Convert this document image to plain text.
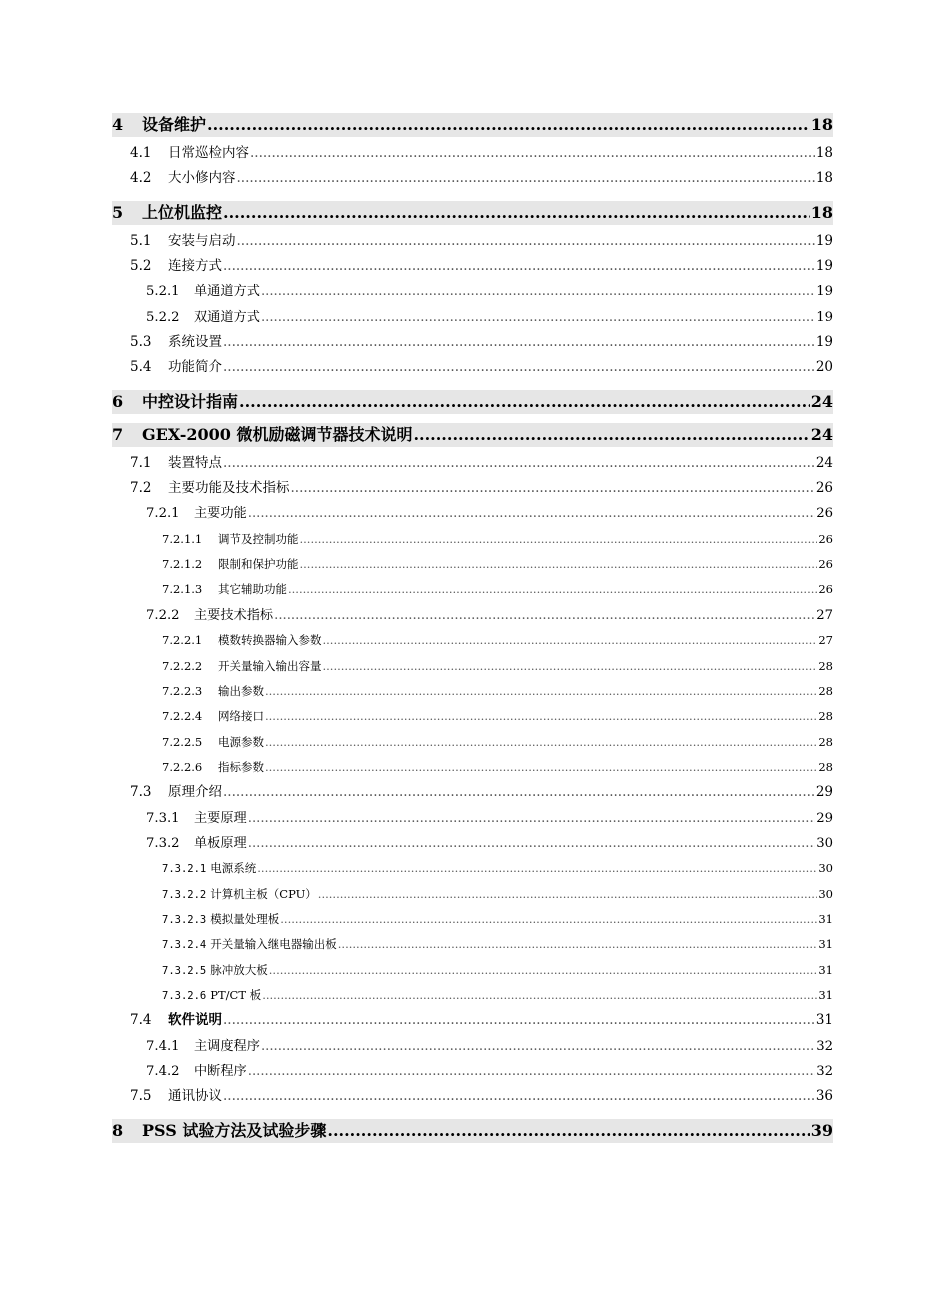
4	设备维护 .....	18
4.1	日常巡检内容 .....	18
4.2	大小修内容 .....	18
5	上位机监控 .....	18
5.1	安装与启动 .....	19
5.2	连接方式 .....	19
5.2.1	单通道方式 .....	19
5.2.2	双通道方式 .....	19
5.3	系统设置 .....	19
5.4	功能简介 .....	20
6	中控设计指南 .....	24
7	GEX-2000 微机励磁调节器技术说明 .....	24
7.1	装置特点 .....	24
7.2	主要功能及技术指标 .....	26
7.2.1	主要功能 .....	26
7.2.1.1	调节及控制功能 .....	26
7.2.1.2	限制和保护功能 .....	26
7.2.1.3	其它辅助功能 .....	26
7.2.2	主要技术指标 .....	27
7.2.2.1	模数转换器输入参数 .....	27
7.2.2.2	开关量输入输出容量 .....	28
7.2.2.3	输出参数 .....	28
7.2.2.4	网络接口 .....	28
7.2.2.5	电源参数 .....	28
7.2.2.6	指标参数 .....	28
7.3	原理介绍 .....	29
7.3.1	主要原理 .....	29
7.3.2	单板原理 .....	30
7.3.2.1 电源系统 .....	30
7.3.2.2 计算机主板（CPU） .....	30
7.3.2.3 模拟量处理板 .....	31
7.3.2.4 开关量输入继电器输出板 .....	31
7.3.2.5 脉冲放大板 .....	31
7.3.2.6 PT/CT 板 .....	31
7.4	软件说明 .....	31
7.4.1	主调度程序 .....	32
7.4.2	中断程序 .....	32
7.5	通讯协议 .....	36
8	PSS 试验方法及试验步骤 .....	39
